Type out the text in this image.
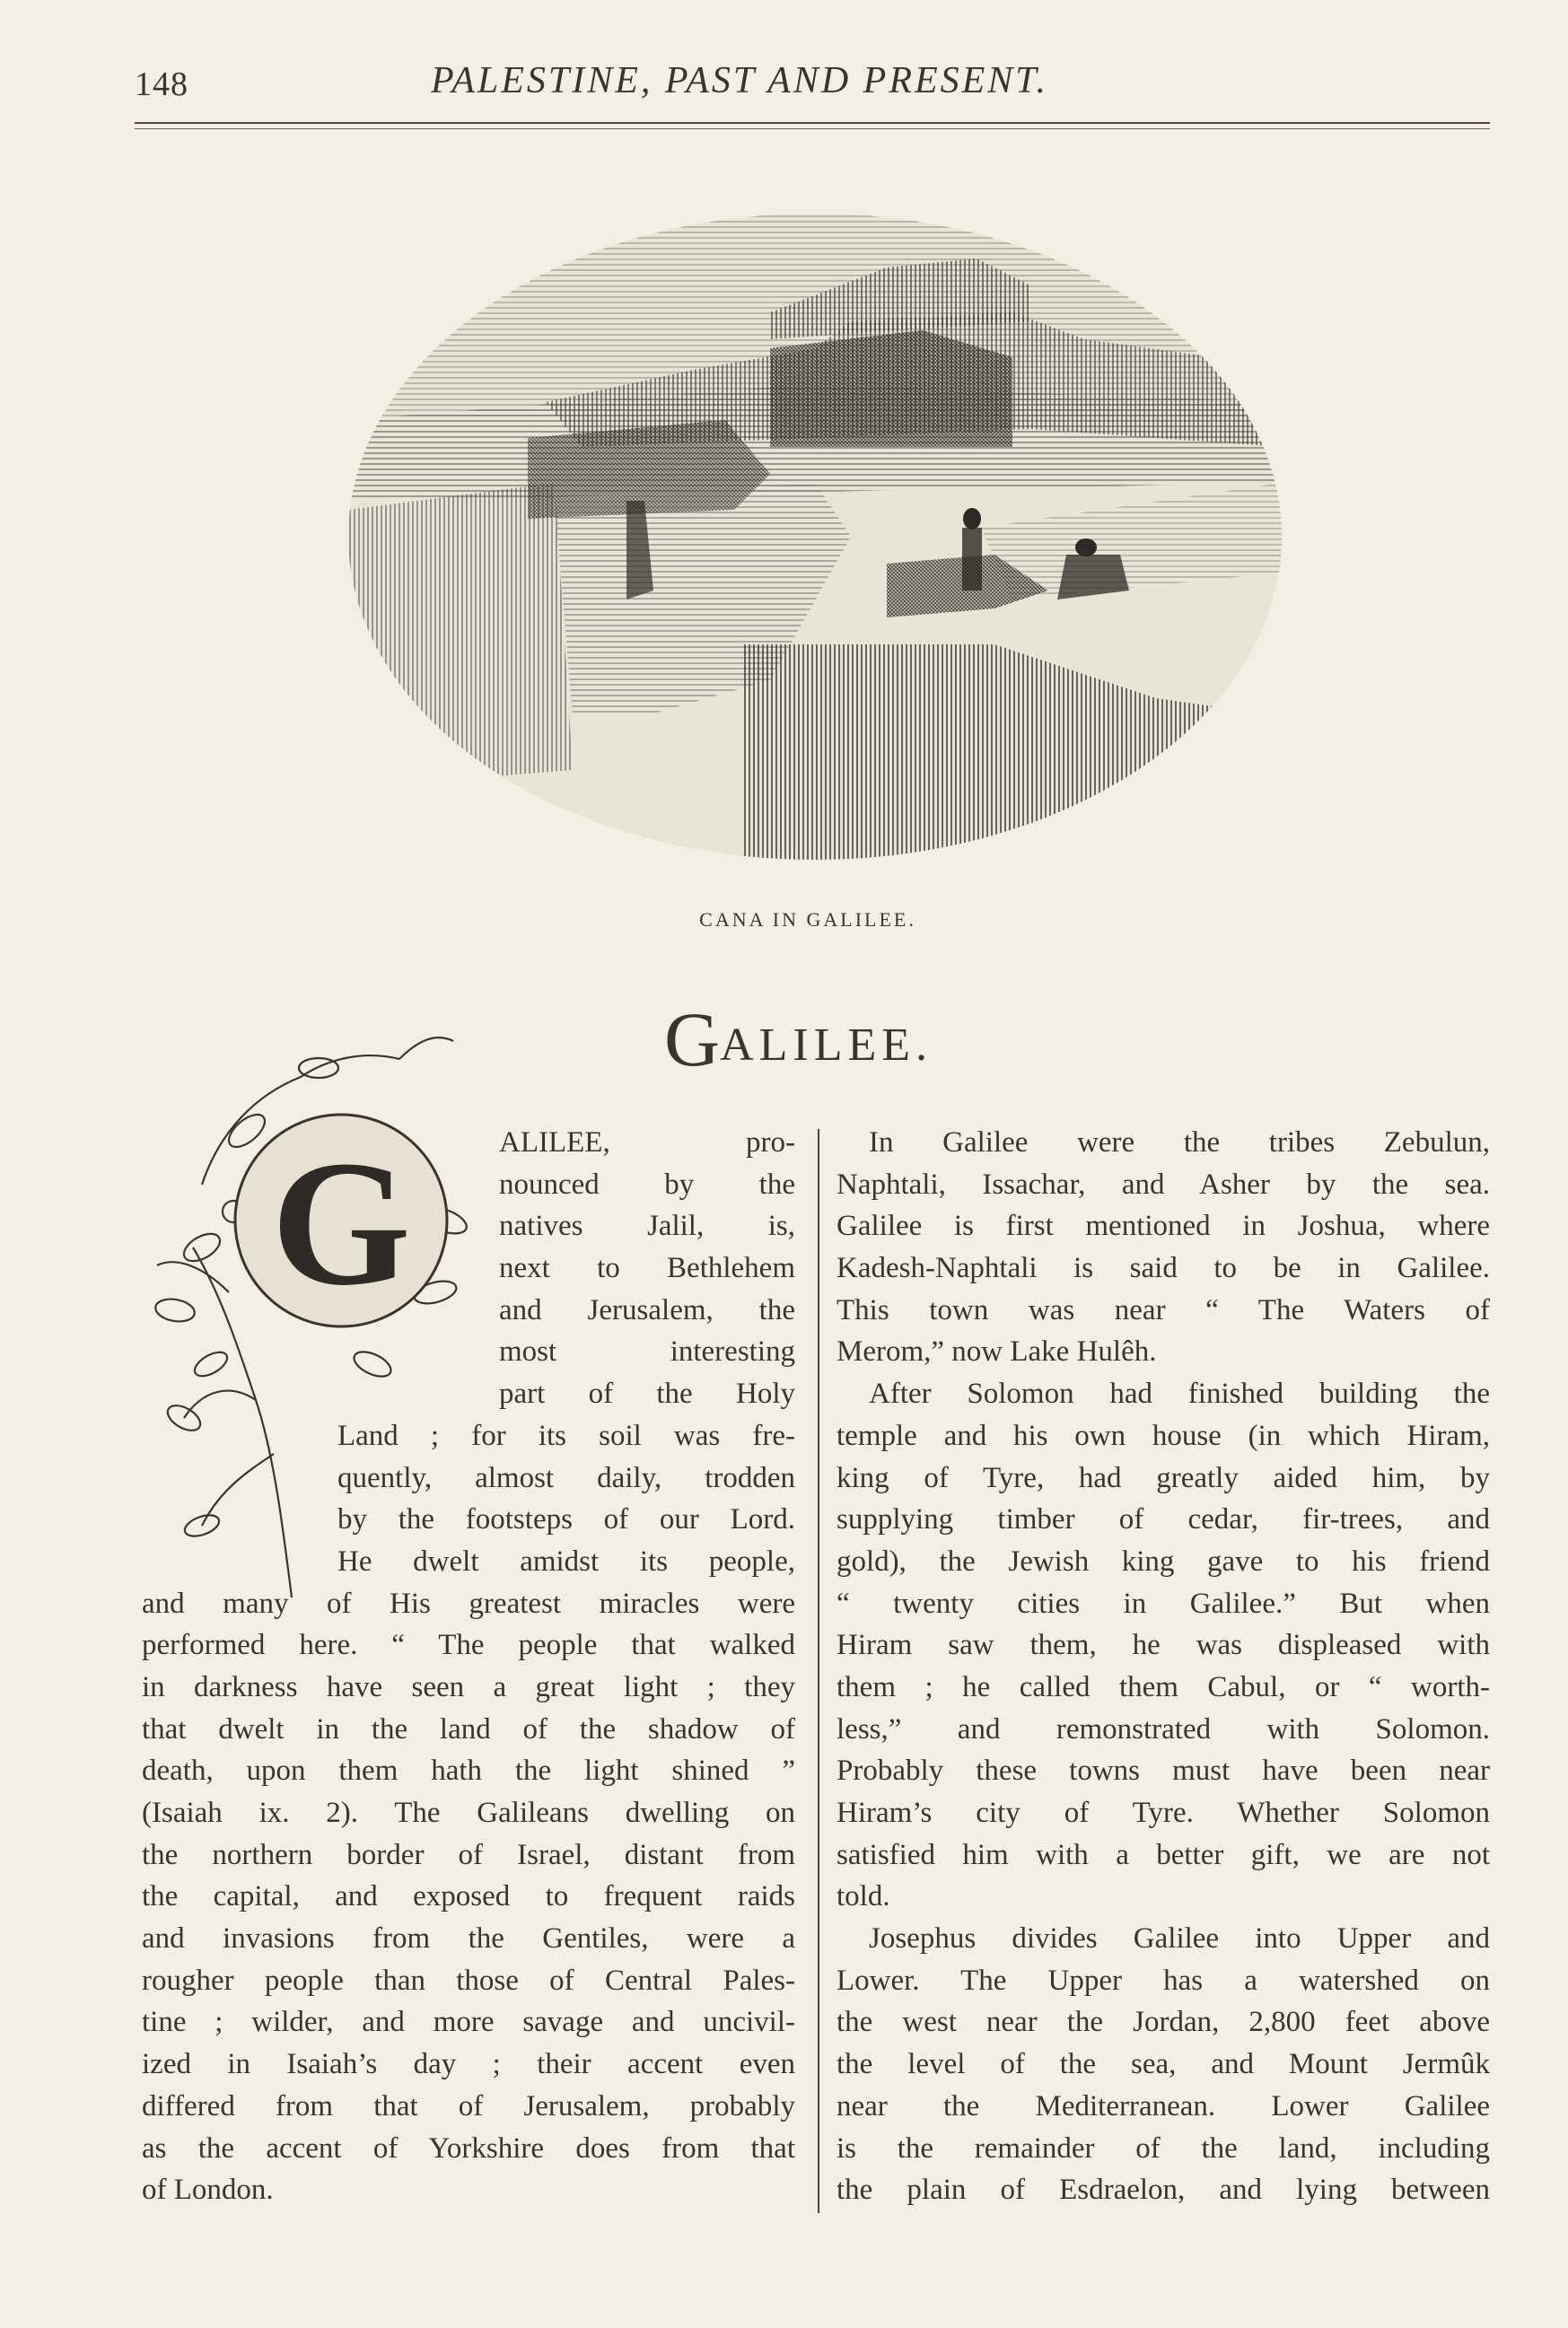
148	PALESTINE, PAST AND PRESENT.
CANA IN GALILEE.
GALILEE.
G	ALILEE, pro-
nounced by the
natives Jalil, is,
next to Bethlehem
and Jerusalem, the
most interesting
part of the Holy
Land ; for its soil was fre-
quently, almost daily, trodden
by the footsteps of our Lord.
He dwelt amidst its people,
and many of His greatest miracles were
performed here. “ The people that walked
in darkness have seen a great light ; they
that dwelt in the land of the shadow of
death, upon them hath the light shined ”
(Isaiah ix. 2). The Galileans dwelling on
the northern border of Israel, distant from
the capital, and exposed to frequent raids
and invasions from the Gentiles, were a
rougher people than those of Central Pales-
tine ; wilder, and more savage and uncivil-
ized in Isaiah’s day ; their accent even
differed from that of Jerusalem, probably
as the accent of Yorkshire does from that
of London.
In Galilee were the tribes Zebulun,
Naphtali, Issachar, and Asher by the sea.
Galilee is first mentioned in Joshua, where
Kadesh-Naphtali is said to be in Galilee.
This town was near “ The Waters of
Merom,” now Lake Hulêh.
After Solomon had finished building the
temple and his own house (in which Hiram,
king of Tyre, had greatly aided him, by
supplying timber of cedar, fir-trees, and
gold), the Jewish king gave to his friend
“ twenty cities in Galilee.” But when
Hiram saw them, he was displeased with
them ; he called them Cabul, or “ worth-
less,” and remonstrated with Solomon.
Probably these towns must have been near
Hiram’s city of Tyre. Whether Solomon
satisfied him with a better gift, we are not
told.
Josephus divides Galilee into Upper and
Lower. The Upper has a watershed on
the west near the Jordan, 2,800 feet above
the level of the sea, and Mount Jermûk
near the Mediterranean. Lower Galilee
is the remainder of the land, including
the plain of Esdraelon, and lying between
